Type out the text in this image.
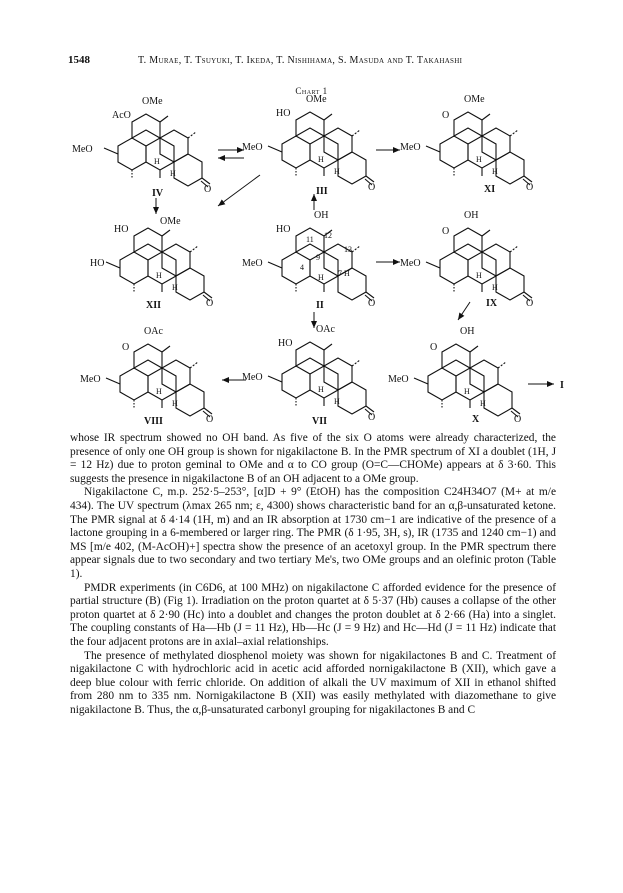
1548	T. Murae, T. Tsuyuki, T. Ikeda, T. Nishihama, S. Masuda and T. Takahashi
Chart 1
MeO
AcO
OMe
O
H
H
IV
MeO
HO
OMe
O
H
H
III
MeO
O
OMe
O
H
H
XI
HO
HO
OMe
O
H
H
XII
MeO
HO
OH
O
4
9
11 12
13
7
H	H
II
MeO
O
OH
O
H
H
IX
MeO
O
OAc
O
H
H
VIII
MeO
HO
OAc
O
H
H
VII
MeO
O
OH
O
H
H
X
I

whose IR spectrum showed no OH band. As five of the six O atoms were already characterized, the presence of only one OH group is shown for nigakilactone B. In the PMR spectrum of XI a doublet (1H, J = 12 Hz) due to proton geminal to OMe and α to CO group (O=C—CHOMe) appears at δ 3·60. This suggests the presence in nigakilactone B of an OH adjacent to a OMe group.

Nigakilactone C, m.p. 252·5–253°, [α]D + 9° (EtOH) has the composition C24H34O7 (M+ at m/e 434). The UV spectrum (λmax 265 nm; ε, 4300) shows characteristic band for an α,β-unsaturated ketone. The PMR signal at δ 4·14 (1H, m) and an IR absorption at 1730 cm−1 are indicative of the presence of a lactone grouping in a 6-membered or larger ring. The PMR (δ 1·95, 3H, s), IR (1735 and 1240 cm−1) and MS [m/e 402, (M-AcOH)+] spectra show the presence of an acetoxyl group. In the PMR spectrum there appear signals due to two secondary and two tertiary Me's, two OMe groups and an olefinic proton (Table 1).

PMDR experiments (in C6D6, at 100 MHz) on nigakilactone C afforded evidence for the presence of partial structure (B) (Fig 1). Irradiation on the proton quartet at δ 5·37 (Hb) causes a collapse of the other proton quartet at δ 2·90 (Hc) into a doublet and changes the proton doublet at δ 2·66 (Ha) into a singlet. The coupling constants of Ha—Hb (J = 11 Hz), Hb—Hc (J = 9 Hz) and Hc—Hd (J = 11 Hz) indicate that the four adjacent protons are in axial–axial relationships.

The presence of methylated diosphenol moiety was shown for nigakilactones B and C. Treatment of nigakilactone C with hydrochloric acid in acetic acid afforded nornigakilactone B (XII), which gave a deep blue colour with ferric chloride. On addition of alkali the UV maximum of XII in ethanol shifted from 280 nm to 335 nm. Nornigakilactone B (XII) was easily methylated with diazomethane to give nigakilactone B. Thus, the α,β-unsaturated carbonyl grouping for nigakilactones B and C
